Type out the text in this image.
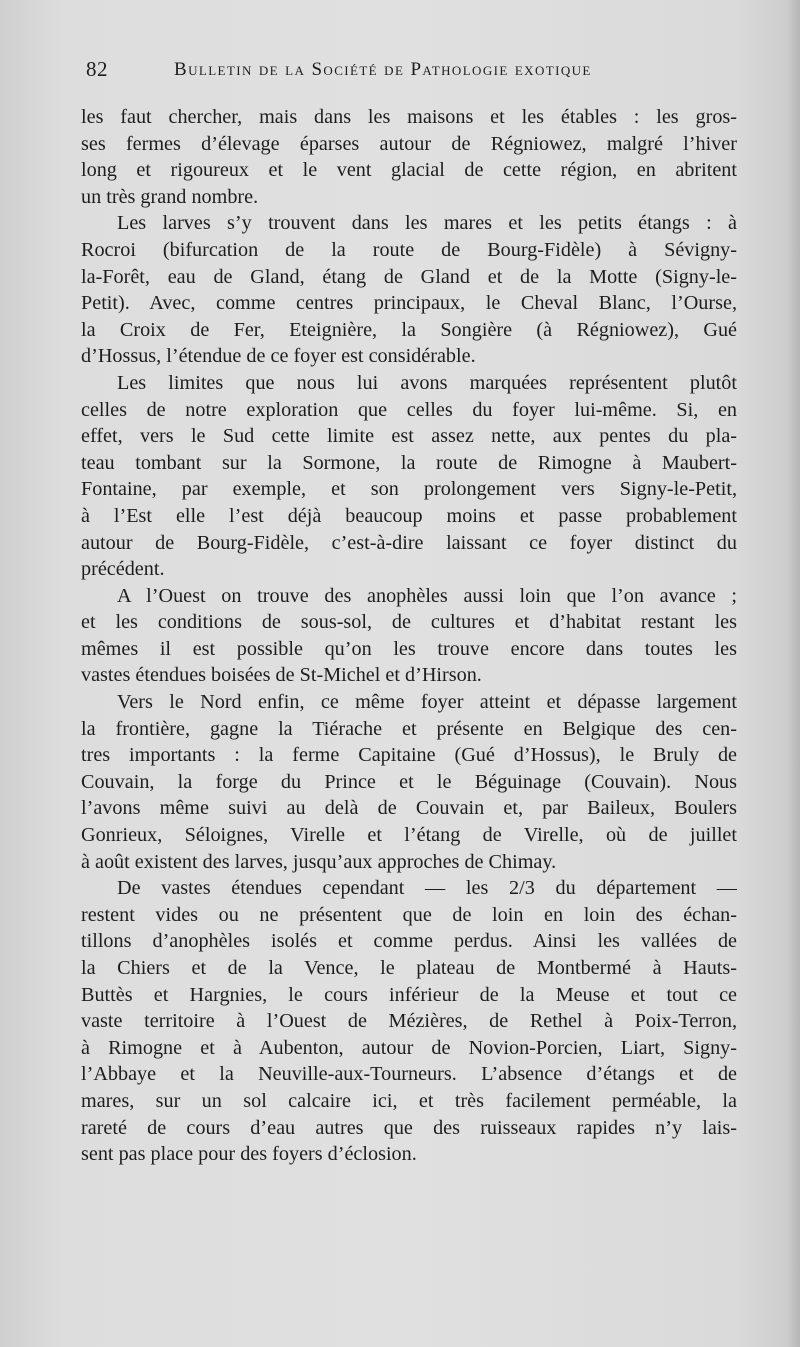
82	Bulletin de la Société de Pathologie exotique
les faut chercher, mais dans les maisons et les étables : les gros-
ses fermes d’élevage éparses autour de Régniowez, malgré l’hiver
long et rigoureux et le vent glacial de cette région, en abritent
un très grand nombre.
Les larves s’y trouvent dans les mares et les petits étangs : à
Rocroi (bifurcation de la route de Bourg-Fidèle) à Sévigny-
la-Forêt, eau de Gland, étang de Gland et de la Motte (Signy-le-
Petit). Avec, comme centres principaux, le Cheval Blanc, l’Ourse,
la Croix de Fer, Eteignière, la Songière (à Régniowez), Gué
d’Hossus, l’étendue de ce foyer est considérable.
Les limites que nous lui avons marquées représentent plutôt
celles de notre exploration que celles du foyer lui-même. Si, en
effet, vers le Sud cette limite est assez nette, aux pentes du pla-
teau tombant sur la Sormone, la route de Rimogne à Maubert-
Fontaine, par exemple, et son prolongement vers Signy-le-Petit,
à l’Est elle l’est déjà beaucoup moins et passe probablement
autour de Bourg-Fidèle, c’est-à-dire laissant ce foyer distinct du
précédent.
A l’Ouest on trouve des anophèles aussi loin que l’on avance ;
et les conditions de sous-sol, de cultures et d’habitat restant les
mêmes il est possible qu’on les trouve encore dans toutes les
vastes étendues boisées de St-Michel et d’Hirson.
Vers le Nord enfin, ce même foyer atteint et dépasse largement
la frontière, gagne la Tiérache et présente en Belgique des cen-
tres importants : la ferme Capitaine (Gué d’Hossus), le Bruly de
Couvain, la forge du Prince et le Béguinage (Couvain). Nous
l’avons même suivi au delà de Couvain et, par Baileux, Boulers
Gonrieux, Séloignes, Virelle et l’étang de Virelle, où de juillet
à août existent des larves, jusqu’aux approches de Chimay.
De vastes étendues cependant — les 2/3 du département —
restent vides ou ne présentent que de loin en loin des échan-
tillons d’anophèles isolés et comme perdus. Ainsi les vallées de
la Chiers et de la Vence, le plateau de Montbermé à Hauts-
Buttès et Hargnies, le cours inférieur de la Meuse et tout ce
vaste territoire à l’Ouest de Mézières, de Rethel à Poix-Terron,
à Rimogne et à Aubenton, autour de Novion-Porcien, Liart, Signy-
l’Abbaye et la Neuville-aux-Tourneurs. L’absence d’étangs et de
mares, sur un sol calcaire ici, et très facilement perméable, la
rareté de cours d’eau autres que des ruisseaux rapides n’y lais-
sent pas place pour des foyers d’éclosion.
